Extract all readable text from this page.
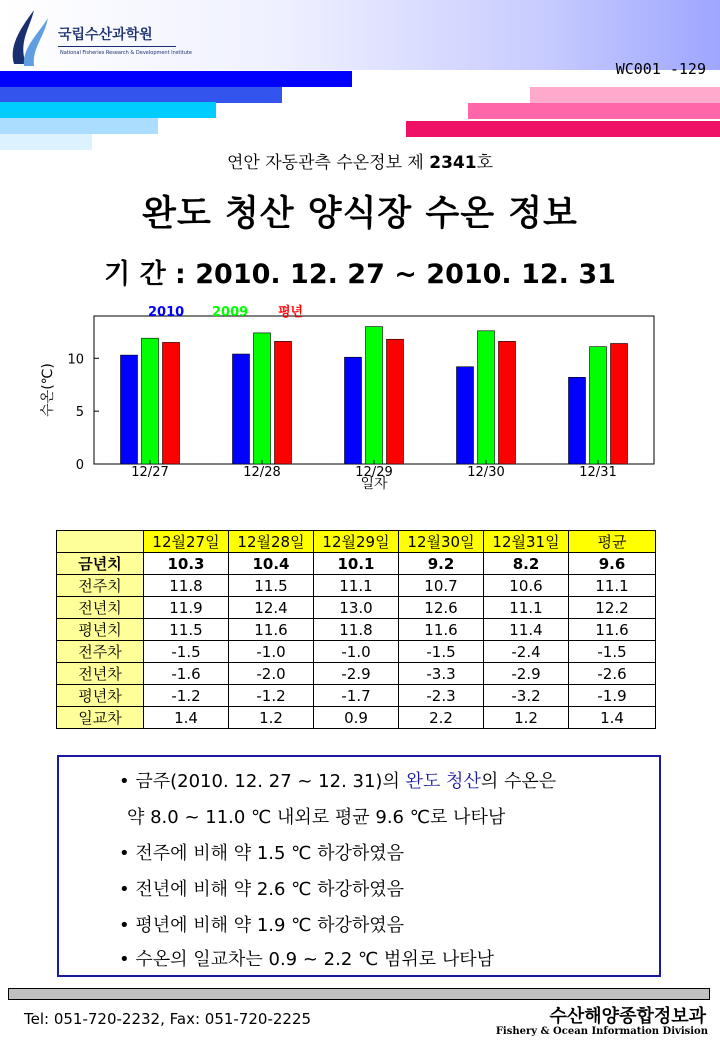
국립수산과학원
National Fisheries Research & Development Institute
WC001 -129
연안 자동관측 수온정보 제 2341호
완도 청산 양식장 수온 정보
기 간 : 2010. 12. 27 ~ 2010. 12. 31
12/27	12/28	12/29	12/30	12/31
0
5
10
일자
수온(℃)
2010 2009 평년
	12월27일	12월28일	12월29일	12월30일	12월31일	평균
금년치	10.3	10.4	10.1	9.2	8.2	9.6
전주치	11.8	11.5	11.1	10.7	10.6	11.1
전년치	11.9	12.4	13.0	12.6	11.1	12.2
평년치	11.5	11.6	11.8	11.6	11.4	11.6
전주차	-1.5	-1.0	-1.0	-1.5	-2.4	-1.5
전년차	-1.6	-2.0	-2.9	-3.3	-2.9	-2.6
평년차	-1.2	-1.2	-1.7	-2.3	-3.2	-1.9
일교차	1.4	1.2	0.9	2.2	1.2	1.4

• 금주(2010. 12. 27 ~ 12. 31)의 완도 청산의 수온은

약 8.0 ~ 11.0 ℃ 내외로 평균 9.6 ℃로 나타남

• 전주에 비해 약 1.5 ℃ 하강하였음

• 전년에 비해 약 2.6 ℃ 하강하였음

• 평년에 비해 약 1.9 ℃ 하강하였음

• 수온의 일교차는 0.9 ~ 2.2 ℃ 범위로 나타남

Tel: 051-720-2232, Fax: 051-720-2225	수산해양종합정보과
Fishery & Ocean Information Division
